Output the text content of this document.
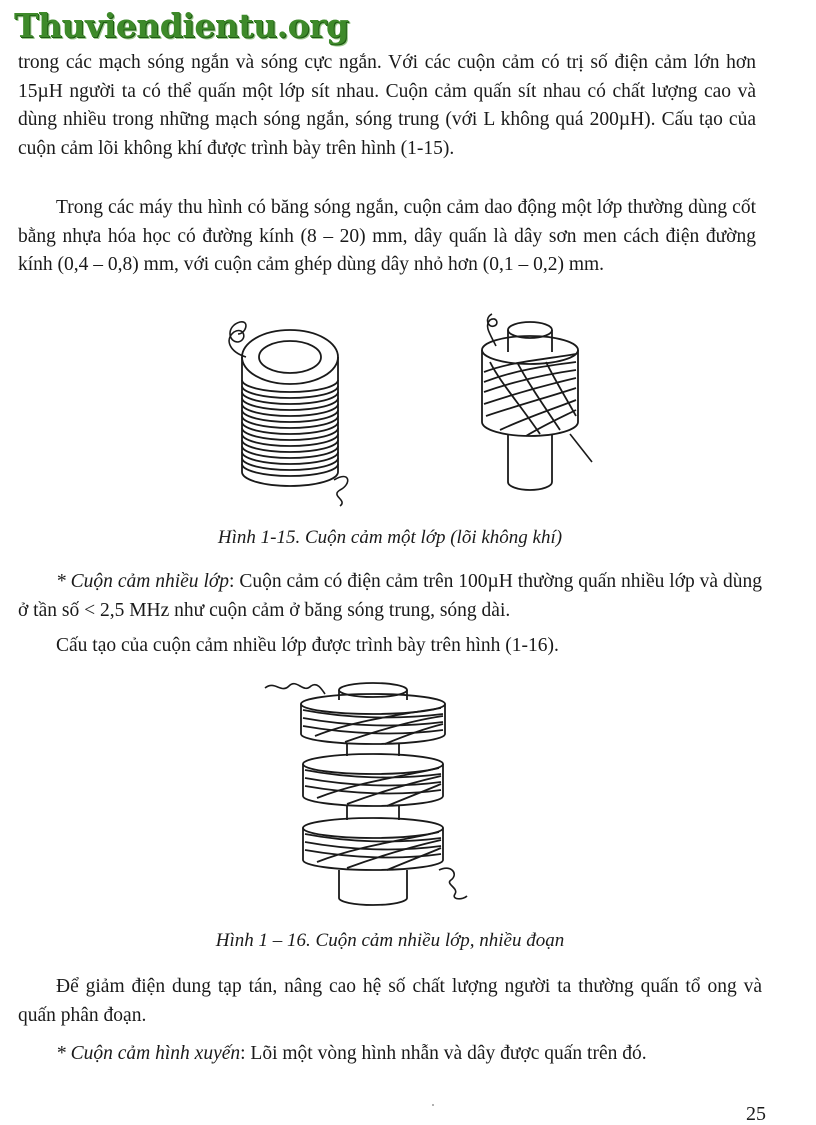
Thuviendientu.org

trong các mạch sóng ngắn và sóng cực ngắn. Với các cuộn cảm có trị số điện cảm lớn hơn 15µH người ta có thể quấn một lớp sít nhau. Cuộn cảm quấn sít nhau có chất lượng cao và dùng nhiều trong những mạch sóng ngắn, sóng trung (với L không quá 200µH). Cấu tạo của cuộn cảm lõi không khí được trình bày trên hình (1-15).

Trong các máy thu hình có băng sóng ngắn, cuộn cảm dao động một lớp thường dùng cốt bằng nhựa hóa học có đường kính (8 – 20) mm, dây quấn là dây sơn men cách điện đường kính (0,4 – 0,8) mm, với cuộn cảm ghép dùng dây nhỏ hơn (0,1 – 0,2) mm.

Hình 1-15. Cuộn cảm một lớp (lõi không khí)

* Cuộn cảm nhiều lớp: Cuộn cảm có điện cảm trên 100µH thường quấn nhiều lớp và dùng ở tần số < 2,5 MHz như cuộn cảm ở băng sóng trung, sóng dài.

Cấu tạo của cuộn cảm nhiều lớp được trình bày trên hình (1-16).

Hình 1 – 16. Cuộn cảm nhiều lớp, nhiều đoạn

Để giảm điện dung tạp tán, nâng cao hệ số chất lượng người ta thường quấn tổ ong và quấn phân đoạn.

* Cuộn cảm hình xuyến: Lõi một vòng hình nhẫn và dây được quấn trên đó.

25
